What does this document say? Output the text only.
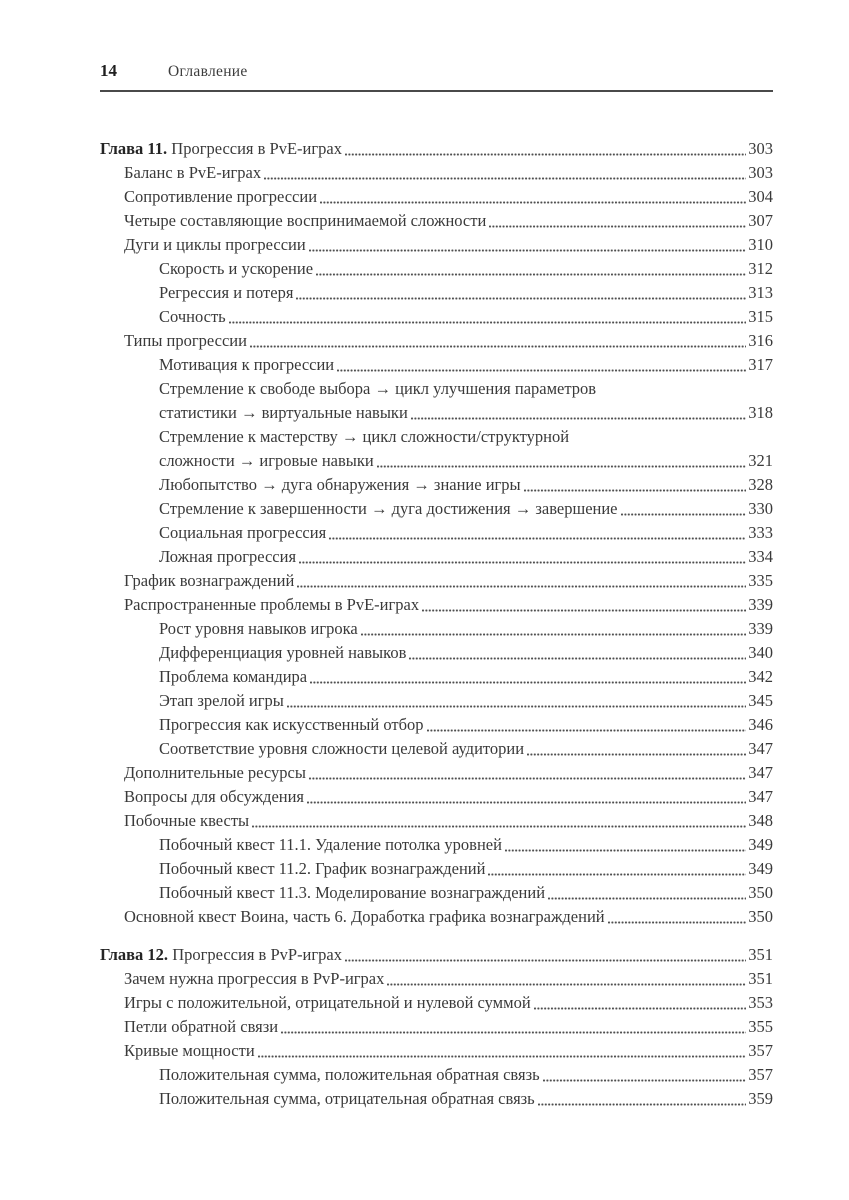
14	Оглавление
Глава 11. Прогрессия в PvE-играх	303
Баланс в PvE-играх	303
Сопротивление прогрессии	304
Четыре составляющие воспринимаемой сложности	307
Дуги и циклы прогрессии	310
Скорость и ускорение	312
Регрессия и потеря	313
Сочность	315
Типы прогрессии	316
Мотивация к прогрессии	317
Стремление к свободе выбора → цикл улучшения параметров
статистики → виртуальные навыки	318
Стремление к мастерству → цикл сложности/структурной
сложности → игровые навыки	321
Любопытство → дуга обнаружения → знание игры	328
Стремление к завершенности → дуга достижения → завершение	330
Социальная прогрессия	333
Ложная прогрессия	334
График вознаграждений	335
Распространенные проблемы в PvE-играх	339
Рост уровня навыков игрока	339
Дифференциация уровней навыков	340
Проблема командира	342
Этап зрелой игры	345
Прогрессия как искусственный отбор	346
Соответствие уровня сложности целевой аудитории	347
Дополнительные ресурсы	347
Вопросы для обсуждения	347
Побочные квесты	348
Побочный квест 11.1. Удаление потолка уровней	349
Побочный квест 11.2. График вознаграждений	349
Побочный квест 11.3. Моделирование вознаграждений	350
Основной квест Воина, часть 6. Доработка графика вознаграждений	350
Глава 12. Прогрессия в PvP-играх	351
Зачем нужна прогрессия в PvP-играх	351
Игры с положительной, отрицательной и нулевой суммой	353
Петли обратной связи	355
Кривые мощности	357
Положительная сумма, положительная обратная связь	357
Положительная сумма, отрицательная обратная связь	359
